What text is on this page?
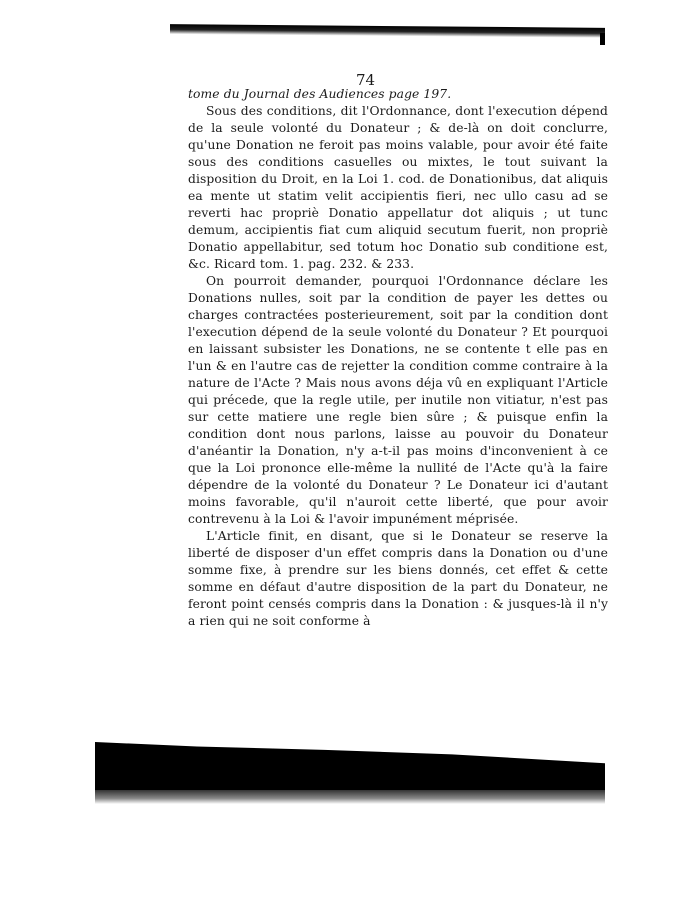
74

tome du Journal des Audiences page 197.

Sous des conditions, dit l'Ordonnance, dont l'execution dépend de la seule volonté du Donateur ; & de-là on doit conclurre, qu'une Donation ne feroit pas moins valable, pour avoir été faite sous des conditions casuelles ou mixtes, le tout suivant la disposition du Droit, en la Loi 1. cod. de Donationibus, dat aliquis ea mente ut statim velit accipientis fieri, nec ullo casu ad se reverti hac propriè Donatio appellatur dot aliquis ; ut tunc demum, accipientis fiat cum aliquid secutum fuerit, non propriè Donatio appellabitur, sed totum hoc Donatio sub conditione est, &c. Ricard tom. 1. pag. 232. & 233.

On pourroit demander, pourquoi l'Ordonnance déclare les Donations nulles, soit par la condition de payer les dettes ou charges contractées posterieurement, soit par la condition dont l'execution dépend de la seule volonté du Donateur ? Et pourquoi en laissant subsister les Donations, ne se contente t elle pas en l'un & en l'autre cas de rejetter la condition comme contraire à la nature de l'Acte ? Mais nous avons déja vû en expliquant l'Article qui précede, que la regle utile, per inutile non vitiatur, n'est pas sur cette matiere une regle bien sûre ; & puisque enfin la condition dont nous parlons, laisse au pouvoir du Donateur d'anéantir la Donation, n'y a-t-il pas moins d'inconvenient à ce que la Loi prononce elle-même la nullité de l'Acte qu'à la faire dépendre de la volonté du Donateur ? Le Donateur ici d'autant moins favorable, qu'il n'auroit cette liberté, que pour avoir contrevenu à la Loi & l'avoir impunément méprisée.

L'Article finit, en disant, que si le Donateur se reserve la liberté de disposer d'un effet compris dans la Donation ou d'une somme fixe, à prendre sur les biens donnés, cet effet & cette somme en défaut d'autre disposition de la part du Donateur, ne feront point censés compris dans la Donation : & jusques-là il n'y a rien qui ne soit conforme à
